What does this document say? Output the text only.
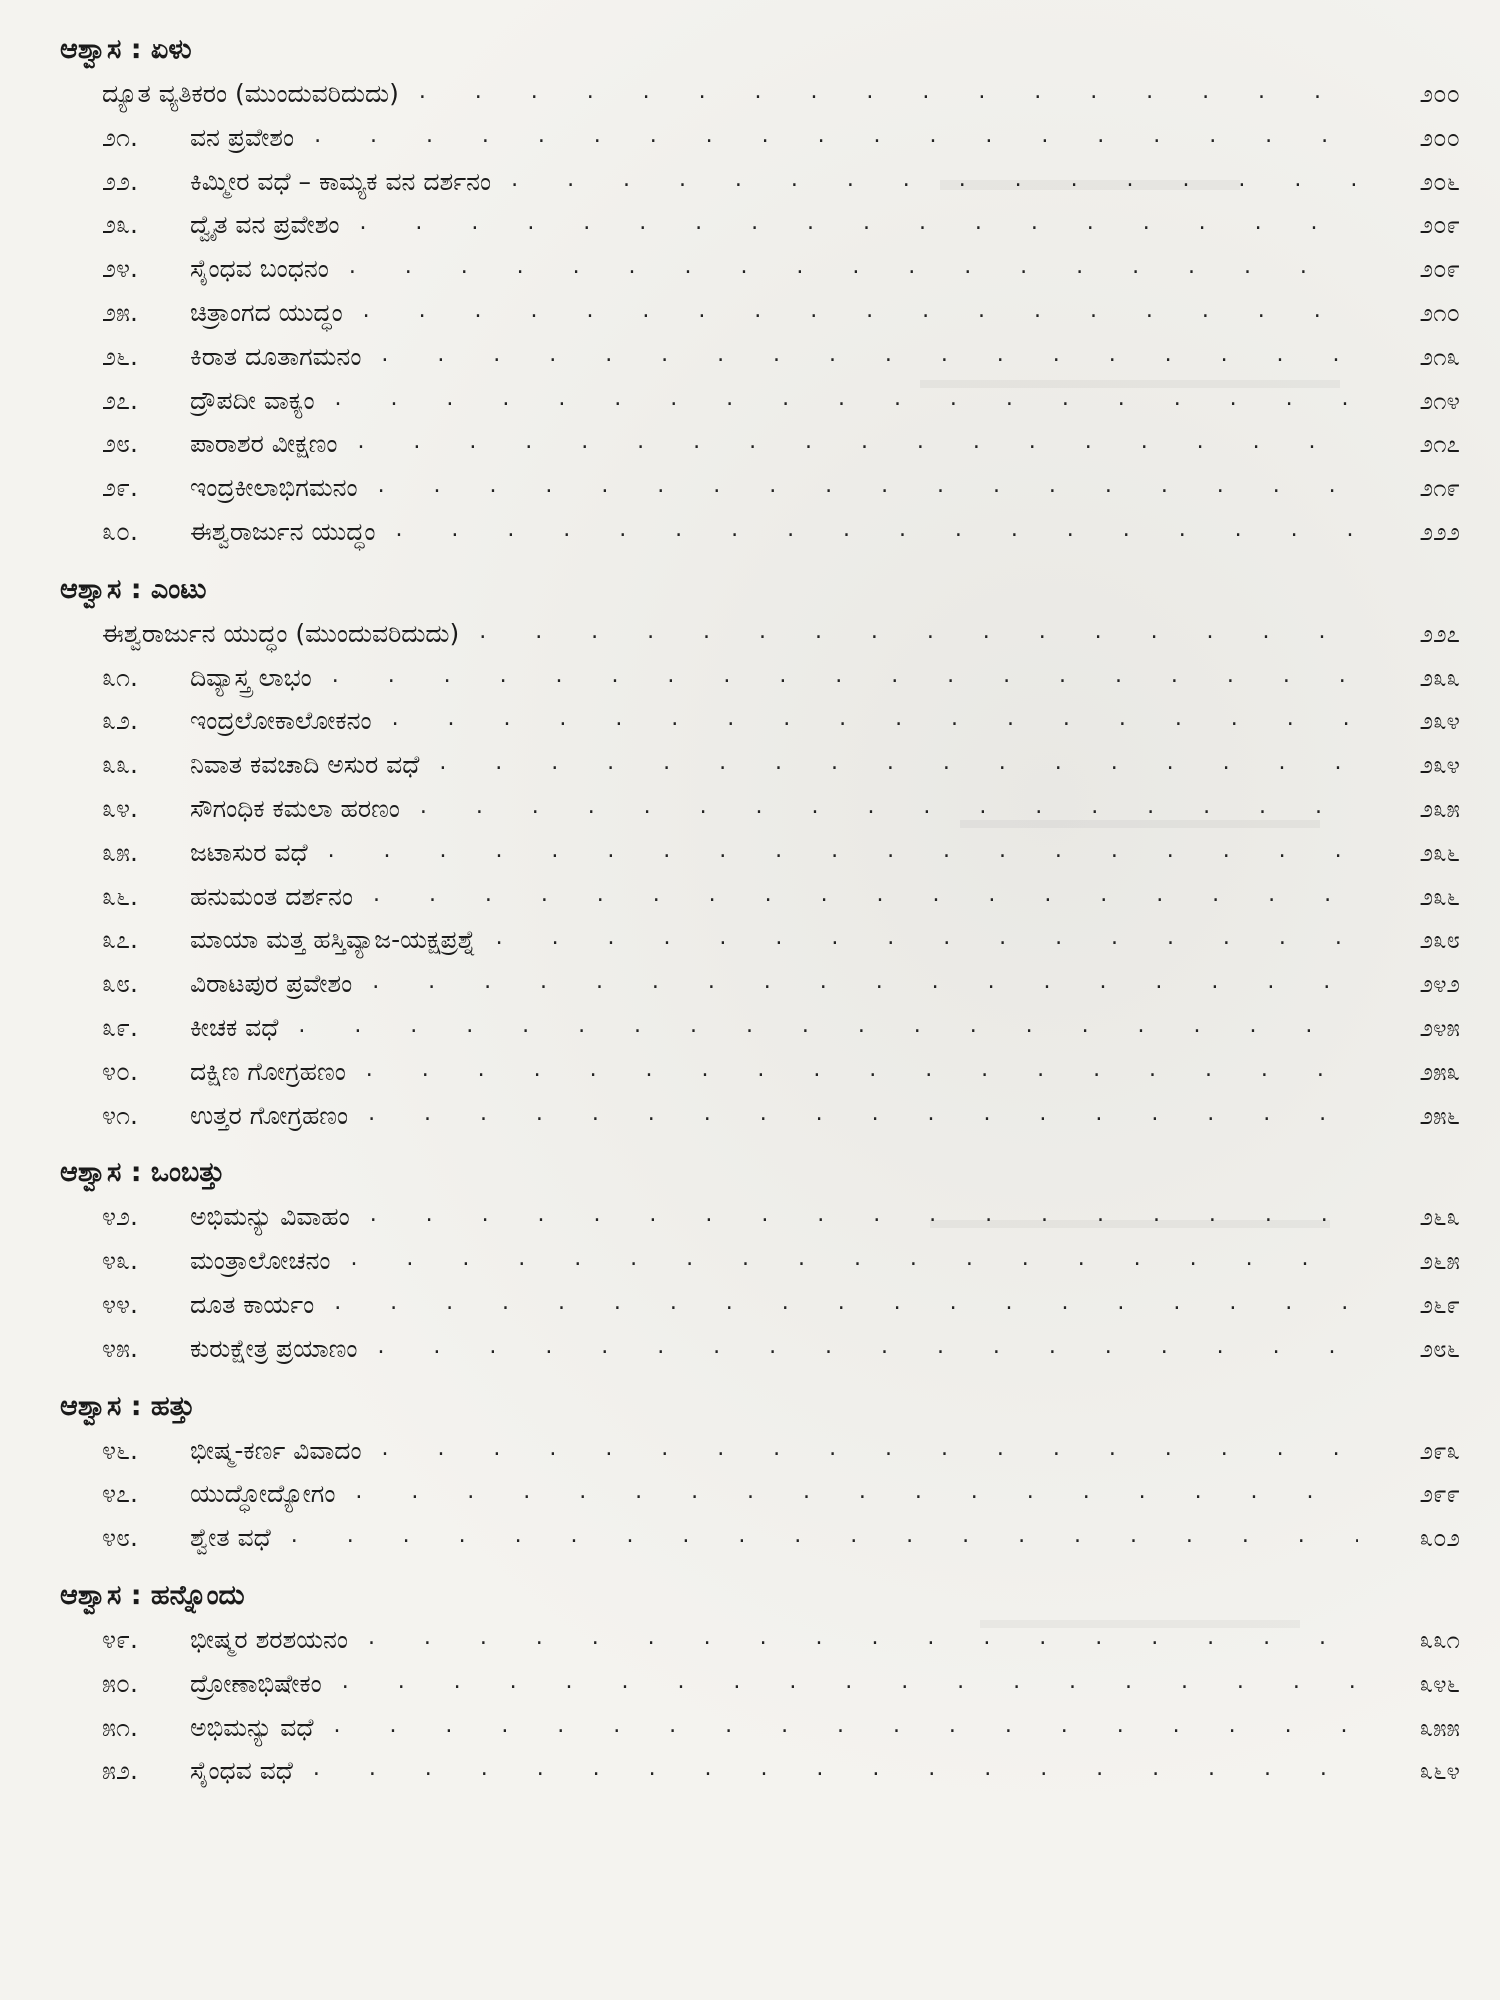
ಆಶ್ವಾಸ : ಏಳು
ದ್ಯೂತ ವ್ಯತಿಕರಂ (ಮುಂದುವರಿದುದು) .	೨೦೦
೨೧.	ವನ ಪ್ರವೇಶಂ .	೨೦೦
೨೨.	ಕಿಮ್ಮೀರ ವಧೆ – ಕಾಮ್ಯಕ ವನ ದರ್ಶನಂ .	೨೦೬
೨೩.	ದ್ವೈತ ವನ ಪ್ರವೇಶಂ .	೨೦೯
೨೪.	ಸೈಂಧವ ಬಂಧನಂ .	೨೦೯
೨೫.	ಚಿತ್ರಾಂಗದ ಯುದ್ಧಂ .	೨೧೦
೨೬.	ಕಿರಾತ ದೂತಾಗಮನಂ .	೨೧೩
೨೭.	ದ್ರೌಪದೀ ವಾಕ್ಯಂ .	೨೧೪
೨೮.	ಪಾರಾಶರ ವೀಕ್ಷಣಂ .	೨೧೭
೨೯.	ಇಂದ್ರಕೀಲಾಭಿಗಮನಂ .	೨೧೯
೩೦.	ಈಶ್ವರಾರ್ಜುನ ಯುದ್ಧಂ .	೨೨೨
ಆಶ್ವಾಸ : ಎಂಟು
ಈಶ್ವರಾರ್ಜುನ ಯುದ್ಧಂ (ಮುಂದುವರಿದುದು) .	೨೨೭
೩೧.	ದಿವ್ಯಾಸ್ತ್ರ ಲಾಭಂ .	೨೩೩
೩೨.	ಇಂದ್ರಲೋಕಾಲೋಕನಂ .	೨೩೪
೩೩.	ನಿವಾತ ಕವಚಾದಿ ಅಸುರ ವಧೆ .	೨೩೪
೩೪.	ಸೌಗಂಧಿಕ ಕಮಲಾ ಹರಣಂ .	೨೩೫
೩೫.	ಜಟಾಸುರ ವಧೆ .	೨೩೬
೩೬.	ಹನುಮಂತ ದರ್ಶನಂ .	೨೩೬
೩೭.	ಮಾಯಾ ಮತ್ತ ಹಸ್ತಿವ್ಯಾಜ-ಯಕ್ಷಪ್ರಶ್ನೆ .	೨೩೮
೩೮.	ವಿರಾಟಪುರ ಪ್ರವೇಶಂ .	೨೪೨
೩೯.	ಕೀಚಕ ವಧೆ .	೨೪೫
೪೦.	ದಕ್ಷಿಣ ಗೋಗ್ರಹಣಂ .	೨೫೩
೪೧.	ಉತ್ತರ ಗೋಗ್ರಹಣಂ .	೨೫೬
ಆಶ್ವಾಸ : ಒಂಬತ್ತು
೪೨.	ಅಭಿಮನ್ಯು ವಿವಾಹಂ .	೨೬೩
೪೩.	ಮಂತ್ರಾಲೋಚನಂ .	೨೬೫
೪೪.	ದೂತ ಕಾರ್ಯಂ .	೨೬೯
೪೫.	ಕುರುಕ್ಷೇತ್ರ ಪ್ರಯಾಣಂ .	೨೮೬
ಆಶ್ವಾಸ : ಹತ್ತು
೪೬.	ಭೀಷ್ಮ-ಕರ್ಣ ವಿವಾದಂ .	೨೯೩
೪೭.	ಯುದ್ಧೋದ್ಯೋಗಂ .	೨೯೯
೪೮.	ಶ್ವೇತ ವಧೆ .	೩೦೨
ಆಶ್ವಾಸ : ಹನ್ನೊಂದು
೪೯.	ಭೀಷ್ಮರ ಶರಶಯನಂ .	೩೩೧
೫೦.	ದ್ರೋಣಾಭಿಷೇಕಂ .	೩೪೬
೫೧.	ಅಭಿಮನ್ಯು ವಧೆ .	೩೫೫
೫೨.	ಸೈಂಧವ ವಧೆ .	೩೬೪
